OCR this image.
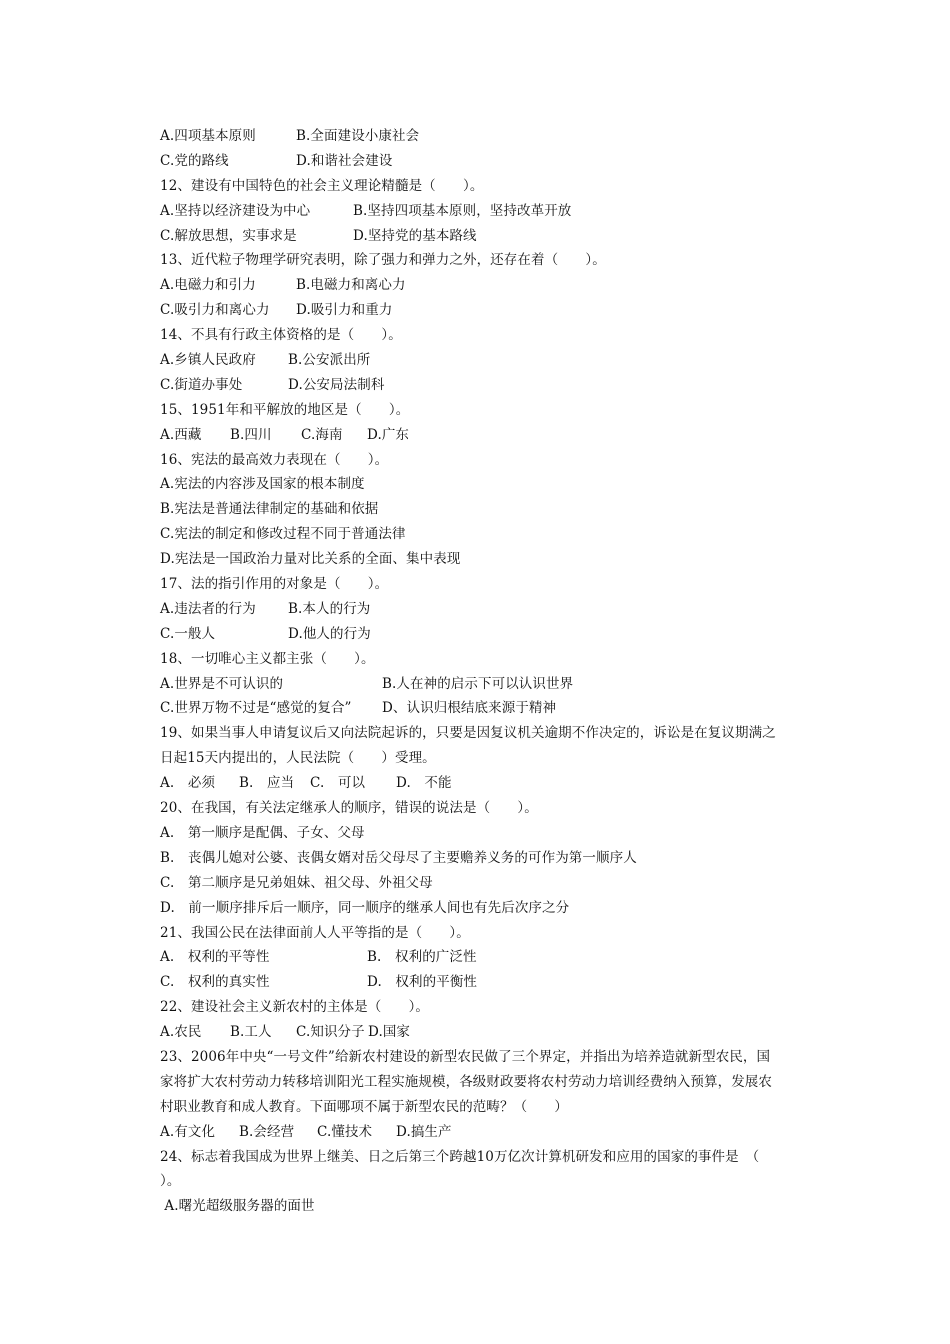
A.四项基本原则	B.全面建设小康社会
C.党的路线	D.和谐社会建设
12、建设有中国特色的社会主义理论精髓是（　　）。
A.坚持以经济建设为中心	B.坚持四项基本原则，坚持改革开放
C.解放思想，实事求是	D.坚持党的基本路线
13、近代粒子物理学研究表明，除了强力和弹力之外，还存在着（　　）。
A.电磁力和引力	B.电磁力和离心力
C.吸引力和离心力 D.吸引力和重力
14、不具有行政主体资格的是（　　）。
A.乡镇人民政府 B.公安派出所
C.街道办事处	D.公安局法制科
15、1951年和平解放的地区是（　　）。
A.西藏 B.四川 C.海南 D.广东
16、宪法的最高效力表现在（　　）。
A.宪法的内容涉及国家的根本制度
B.宪法是普通法律制定的基础和依据
C.宪法的制定和修改过程不同于普通法律
D.宪法是一国政治力量对比关系的全面、集中表现
17、法的指引作用的对象是（　　）。
A.违法者的行为 B.本人的行为
C.一般人	D.他人的行为
18、一切唯心主义都主张（　　）。
A.世界是不可认识的	B.人在神的启示下可以认识世界
C.世界万物不过是“感觉的复合” D、认识归根结底来源于精神
19、如果当事人申请复议后又向法院起诉的，只要是因复议机关逾期不作决定的，诉讼是在复议期满之
日起15天内提出的，人民法院（　　）受理。
A.　必须 B.　应当 C.　可以 D.　不能
20、在我国，有关法定继承人的顺序，错误的说法是（　　）。
A.　第一顺序是配偶、子女、父母
B.　丧偶儿媳对公婆、丧偶女婿对岳父母尽了主要赡养义务的可作为第一顺序人
C.　第二顺序是兄弟姐妹、祖父母、外祖父母
D.　前一顺序排斥后一顺序，同一顺序的继承人间也有先后次序之分
21、我国公民在法律面前人人平等指的是（　　）。
A.　权利的平等性	B.　权利的广泛性
C.　权利的真实性	D.　权利的平衡性
22、建设社会主义新农村的主体是（　　）。
A.农民 B.工人 C.知识分子 D.国家
23、2006年中央“一号文件”给新农村建设的新型农民做了三个界定，并指出为培养造就新型农民，国
家将扩大农村劳动力转移培训阳光工程实施规模，各级财政要将农村劳动力培训经费纳入预算，发展农
村职业教育和成人教育。下面哪项不属于新型农民的范畴？（　　）
A.有文化 B.会经营 C.懂技术 D.搞生产
24、标志着我国成为世界上继美、日之后第三个跨越10万亿次计算机研发和应用的国家的事件是　（
）。
A.曙光超级服务器的面世
